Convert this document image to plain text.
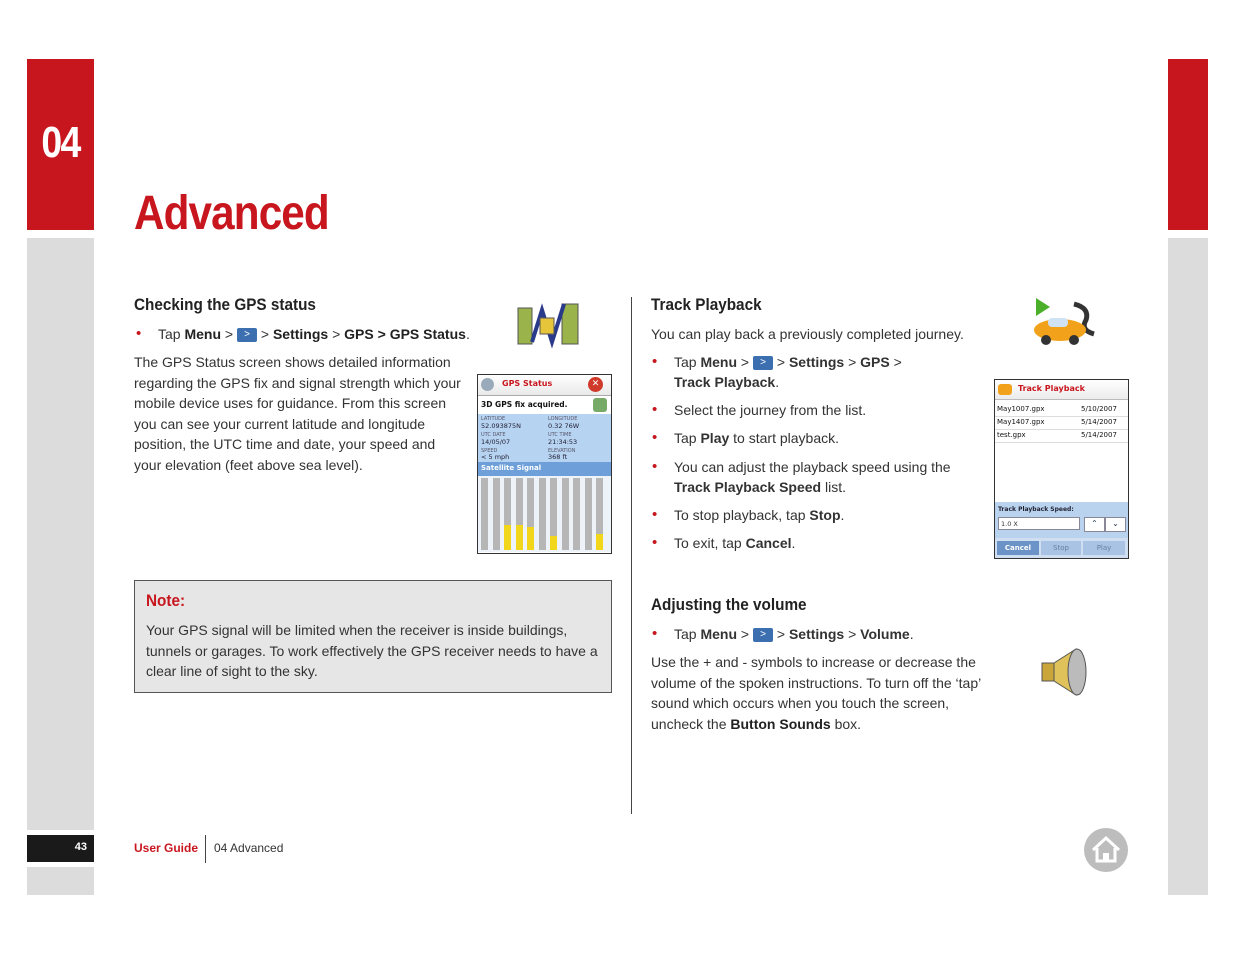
04
Advanced
Checking the GPS status
• Tap Menu > > > Settings > GPS > GPS Status.
The GPS Status screen shows detailed information regarding the GPS fix and signal strength which your mobile device uses for guidance. From this screen you can see your current latitude and longitude position, the UTC time and date, your speed and your elevation (feet above sea level).
GPS Status	✕
3D GPS fix acquired.
LATITUDE
52.093875N
LONGITUDE
0.32 76W
UTC DATE
14/05/07
UTC TIME
21:34:53
SPEED
< 5 mph
ELEVATION
368 ft
Satellite Signal
Note:
Your GPS signal will be limited when the receiver is inside buildings, tunnels or garages. To work effectively the GPS receiver needs to have a clear line of sight to the sky.
Track Playback
You can play back a previously completed journey.
• Tap Menu > > > Settings > GPS >
Track Playback.
• Select the journey from the list.
• Tap Play to start playback.
• You can adjust the playback speed using the Track Playback Speed list.
• To stop playback, tap Stop.
• To exit, tap Cancel.
Track Playback
May1007.gpx	5/10/2007
May1407.gpx	5/14/2007
test.gpx	5/14/2007
Track Playback Speed:
1.0 X	⌃	⌄
Cancel	Stop	Play
Adjusting the volume
• Tap Menu > > > Settings > Volume.
Use the + and - symbols to increase or decrease the volume of the spoken instructions. To turn off the ‘tap’ sound which occurs when you touch the screen, uncheck the Button Sounds box.
43	User Guide 04 Advanced
